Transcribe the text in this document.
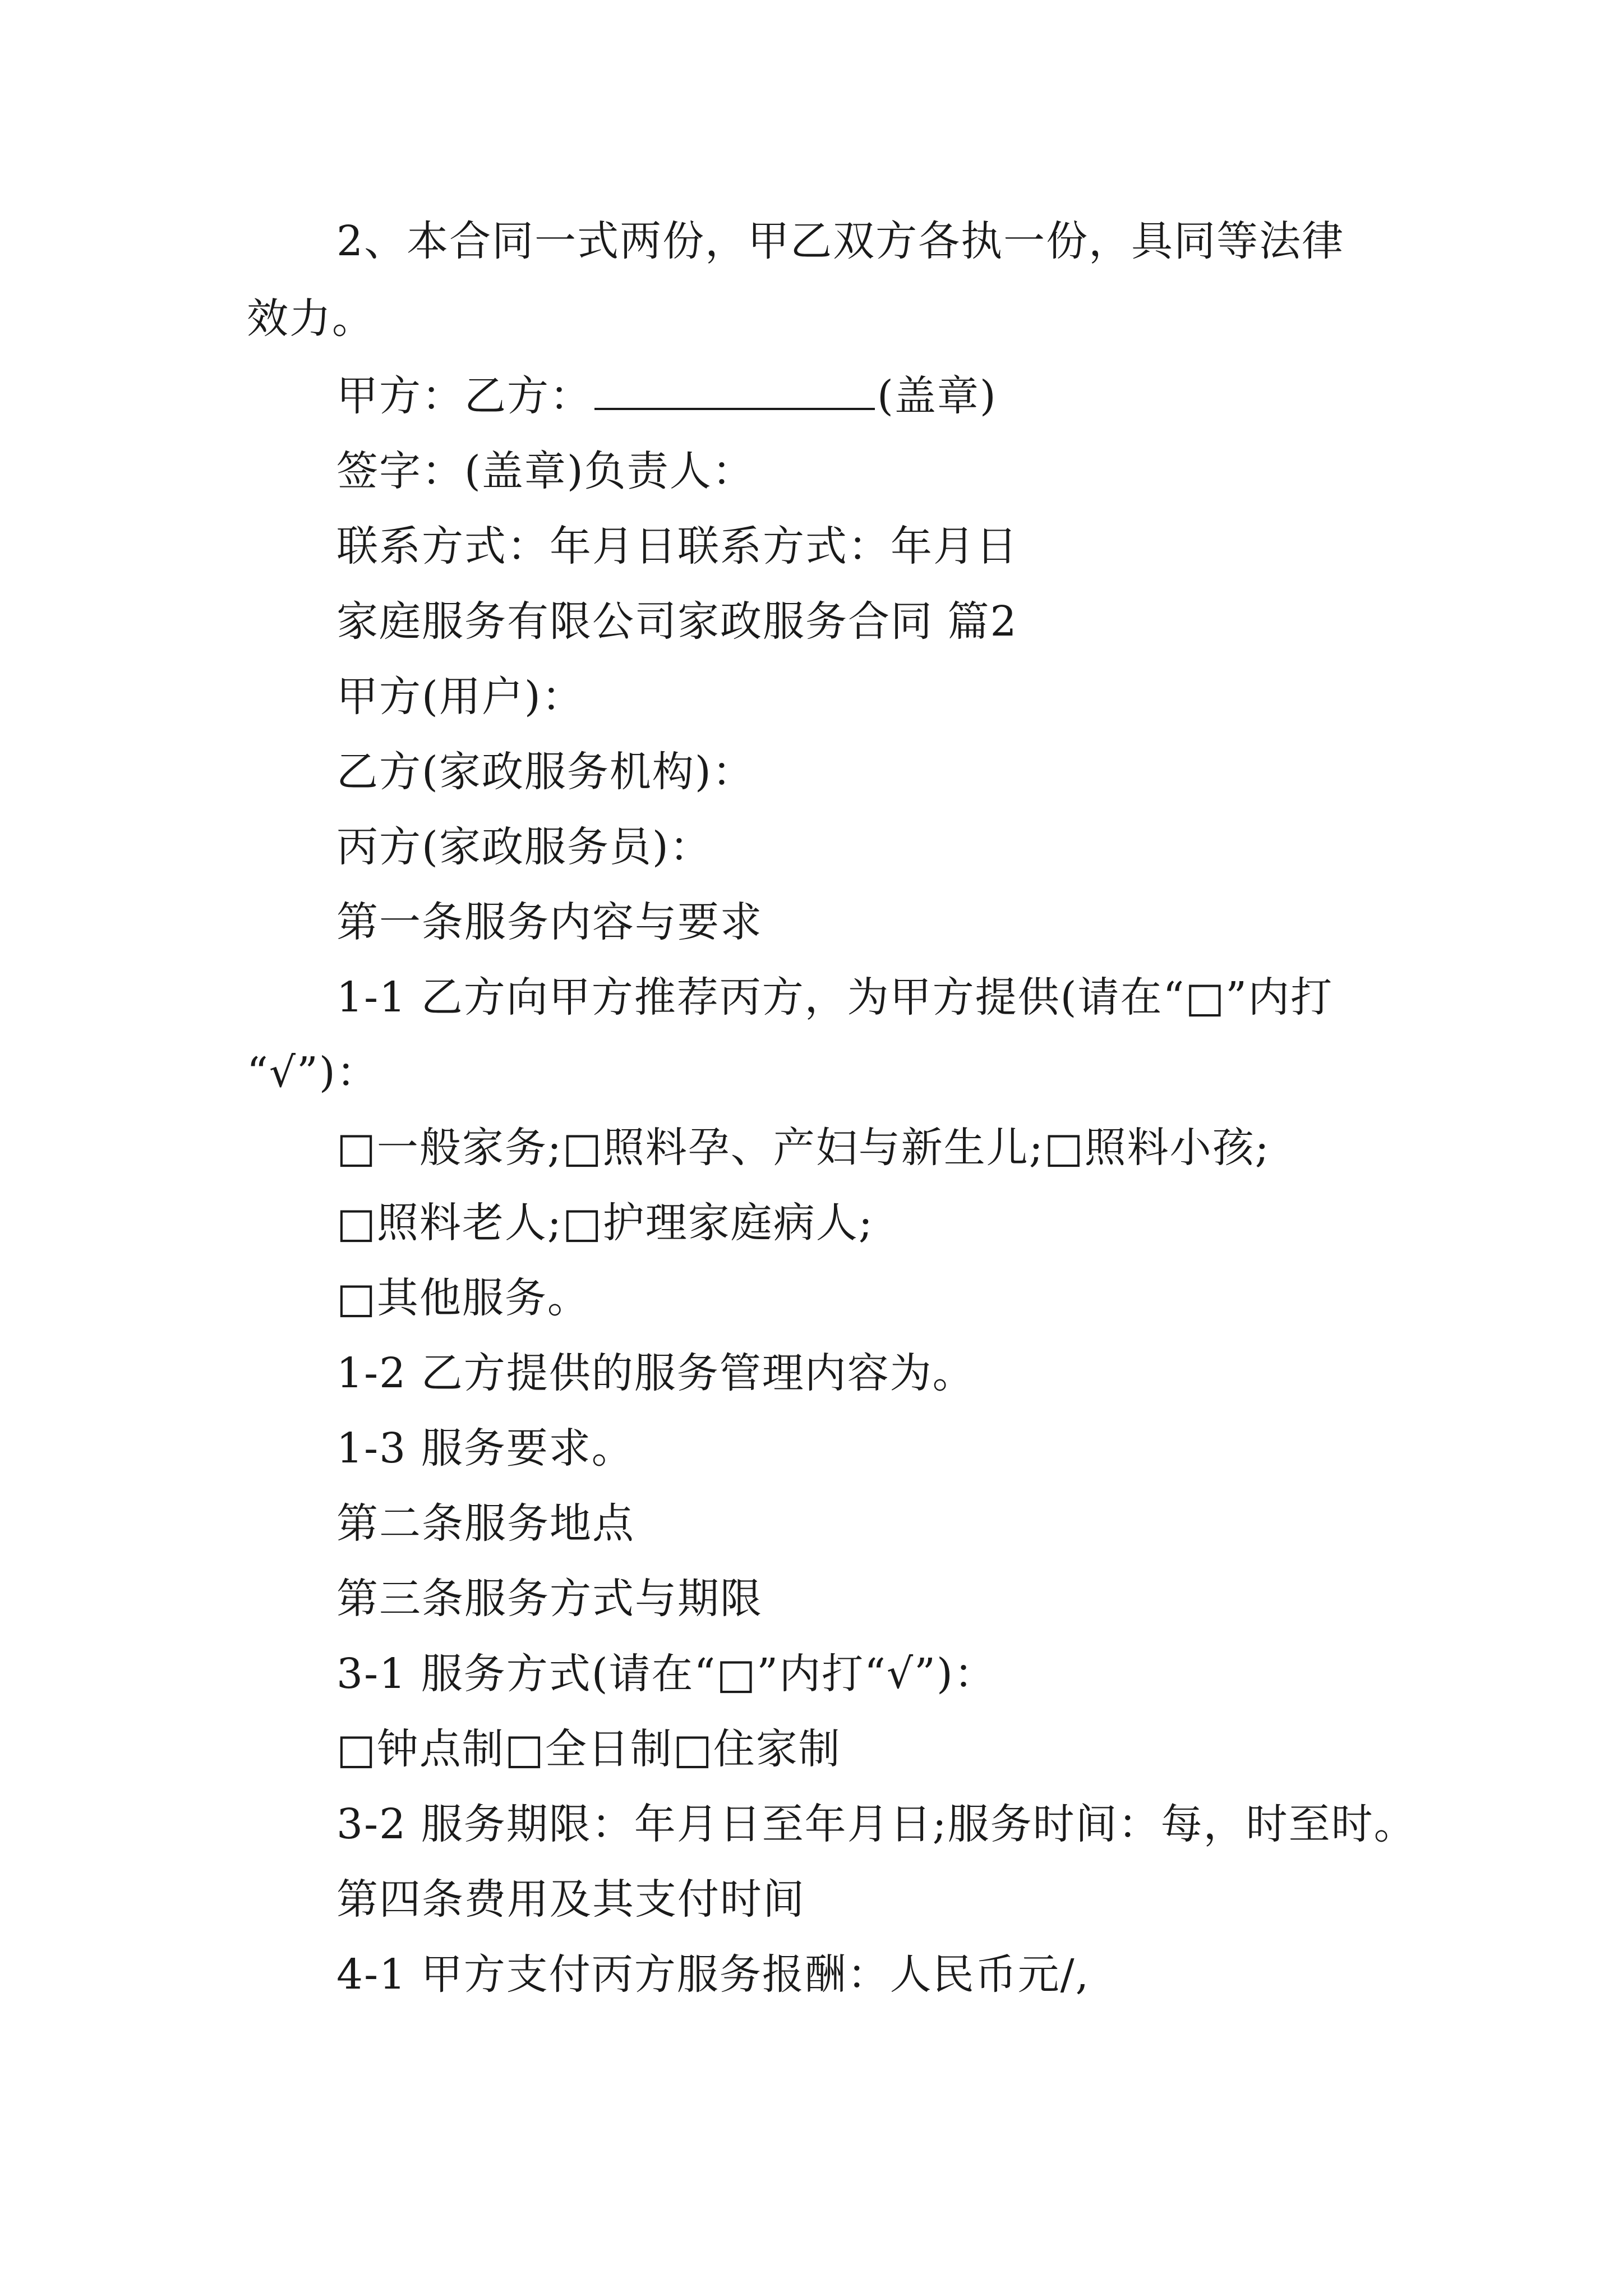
2、本合同一式两份，甲乙双方各执一份，具同等法律
效力。
甲方：乙方：	(盖章)
签字：(盖章)负责人：
联系方式：年月日联系方式：年月日
家庭服务有限公司家政服务合同 篇2
甲方(用户)：
乙方(家政服务机构)：
丙方(家政服务员)：
第一条服务内容与要求
1-1 乙方向甲方推荐丙方，为甲方提供(请在“□”内打
“√”)：
□一般家务;□照料孕、产妇与新生儿;□照料小孩;
□照料老人;□护理家庭病人;
□其他服务。
1-2 乙方提供的服务管理内容为。
1-3 服务要求。
第二条服务地点
第三条服务方式与期限
3-1 服务方式(请在“□”内打“√”)：
□钟点制□全日制□住家制
3-2 服务期限：年月日至年月日;服务时间：每，时至时。
第四条费用及其支付时间
4-1 甲方支付丙方服务报酬：人民币元/,
